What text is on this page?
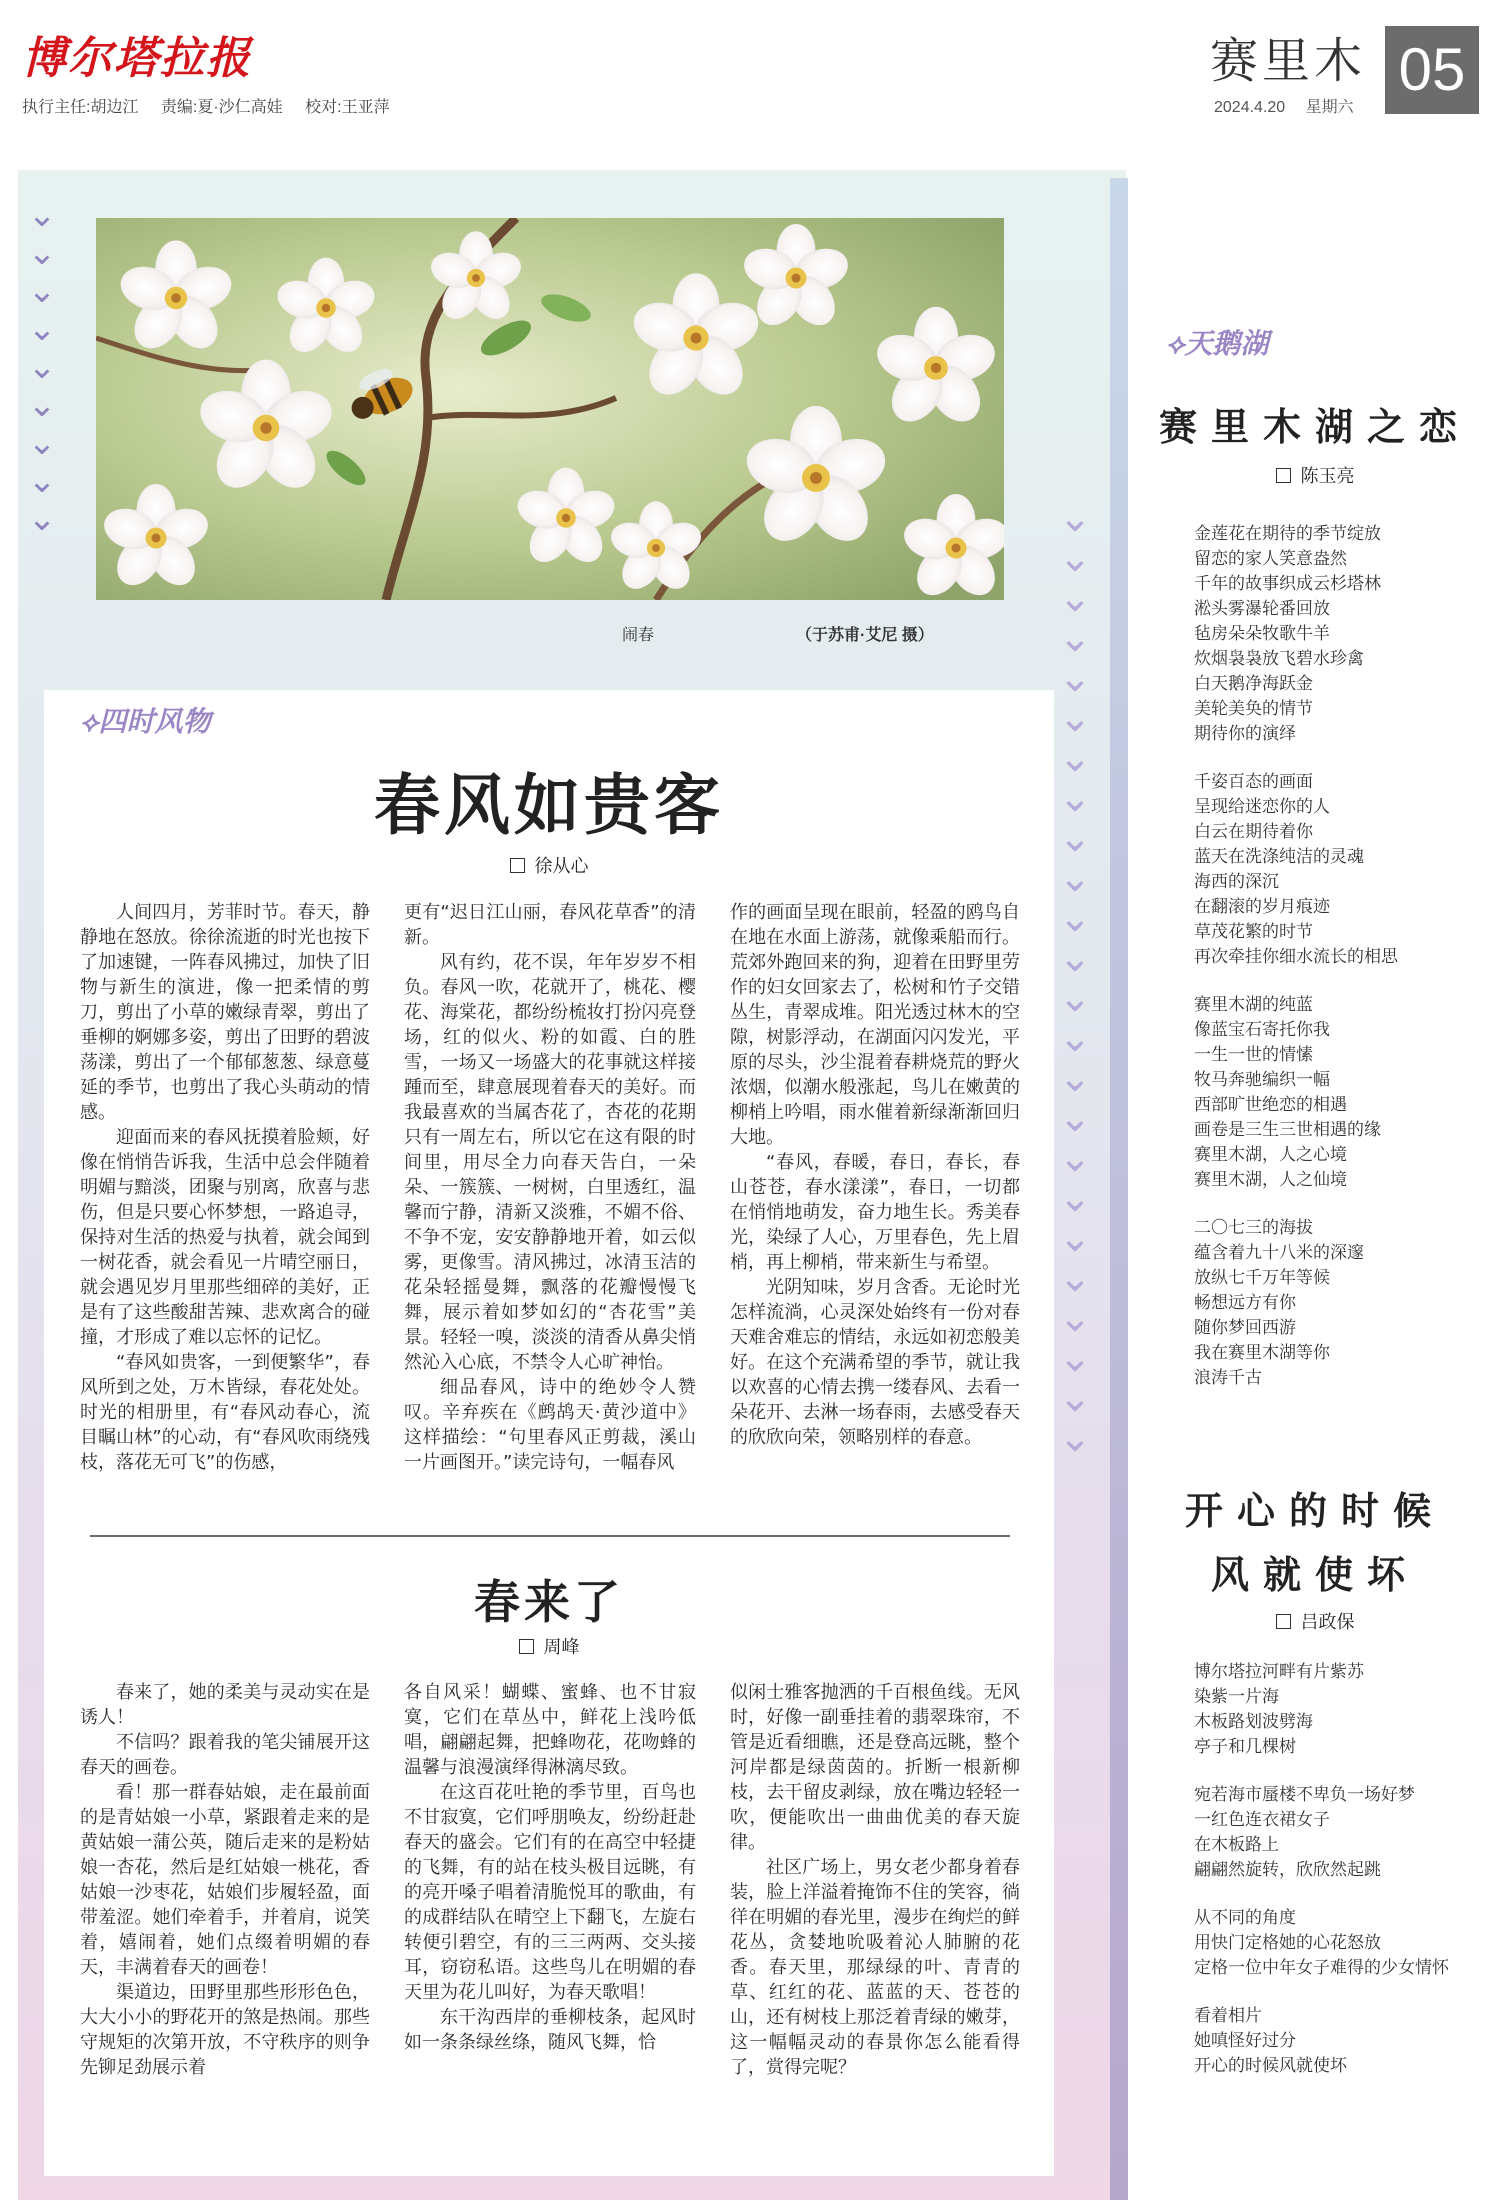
博尔塔拉报
执行主任:胡边江 责编:夏·沙仁高娃 校对:王亚萍
赛里木 05
2024.4.20 星期六
⌄
⌄
⌄
⌄
⌄
⌄
⌄
⌄
⌄	⌄
⌄
⌄
⌄
⌄
⌄
⌄
⌄
⌄
⌄
⌄
⌄
⌄
⌄
⌄
⌄
⌄
⌄
⌄
⌄
⌄
⌄
⌄
⌄
闹春	（于苏甫·艾尼 摄）
⟡四时风物
春风如贵客
徐从心

人间四月，芳菲时节。春天，静静地在怒放。徐徐流逝的时光也按下了加速键，一阵春风拂过，加快了旧物与新生的演进，像一把柔情的剪刀，剪出了小草的嫩绿青翠，剪出了垂柳的婀娜多姿，剪出了田野的碧波荡漾，剪出了一个郁郁葱葱、绿意蔓延的季节，也剪出了我心头萌动的情感。

迎面而来的春风抚摸着脸颊，好像在悄悄告诉我，生活中总会伴随着明媚与黯淡，团聚与别离，欣喜与悲伤，但是只要心怀梦想，一路追寻，保持对生活的热爱与执着，就会闻到一树花香，就会看见一片晴空丽日，就会遇见岁月里那些细碎的美好，正是有了这些酸甜苦辣、悲欢离合的碰撞，才形成了难以忘怀的记忆。

“春风如贵客，一到便繁华”，春风所到之处，万木皆绿，春花处处。时光的相册里，有“春风动春心，流目瞩山林”的心动，有“春风吹雨绕残枝，落花无可飞”的伤感，

更有“迟日江山丽，春风花草香”的清新。

风有约，花不误，年年岁岁不相负。春风一吹，花就开了，桃花、樱花、海棠花，都纷纷梳妆打扮闪亮登场，红的似火、粉的如霞、白的胜雪，一场又一场盛大的花事就这样接踵而至，肆意展现着春天的美好。而我最喜欢的当属杏花了，杏花的花期只有一周左右，所以它在这有限的时间里，用尽全力向春天告白，一朵朵、一簇簇、一树树，白里透红，温馨而宁静，清新又淡雅，不媚不俗、不争不宠，安安静静地开着，如云似雾，更像雪。清风拂过，冰清玉洁的花朵轻摇曼舞，飘落的花瓣慢慢飞舞，展示着如梦如幻的“杏花雪”美景。轻轻一嗅，淡淡的清香从鼻尖悄然沁入心底，不禁令人心旷神怡。

细品春风，诗中的绝妙令人赞叹。辛弃疾在《鹧鸪天·黄沙道中》这样描绘：“句里春风正剪裁，溪山一片画图开。”读完诗句，一幅春风

作的画面呈现在眼前，轻盈的鸥鸟自在地在水面上游荡，就像乘船而行。荒郊外跑回来的狗，迎着在田野里劳作的妇女回家去了，松树和竹子交错丛生，青翠成堆。阳光透过林木的空隙，树影浮动，在湖面闪闪发光，平原的尽头，沙尘混着春耕烧荒的野火浓烟，似潮水般涨起，鸟儿在嫩黄的柳梢上吟唱，雨水催着新绿渐渐回归大地。

“春风，春暖，春日，春长，春山苍苍，春水漾漾”，春日，一切都在悄悄地萌发，奋力地生长。秀美春光，染绿了人心，万里春色，先上眉梢，再上柳梢，带来新生与希望。

光阴知味，岁月含香。无论时光怎样流淌，心灵深处始终有一份对春天难舍难忘的情结，永远如初恋般美好。在这个充满希望的季节，就让我以欢喜的心情去携一缕春风、去看一朵花开、去淋一场春雨，去感受春天的欣欣向荣，领略别样的春意。

春来了
周峰

春来了，她的柔美与灵动实在是诱人！

不信吗？跟着我的笔尖铺展开这春天的画卷。

看！那一群春姑娘，走在最前面的是青姑娘一小草，紧跟着走来的是黄姑娘一蒲公英，随后走来的是粉姑娘一杏花，然后是红姑娘一桃花，香姑娘一沙枣花，姑娘们步履轻盈，面带羞涩。她们牵着手，并着肩，说笑着，嬉闹着，她们点缀着明媚的春天，丰满着春天的画卷！

渠道边，田野里那些形形色色，大大小小的野花开的煞是热闹。那些守规矩的次第开放，不守秩序的则争先铆足劲展示着

各自风采！蝴蝶、蜜蜂、也不甘寂寞，它们在草丛中，鲜花上浅吟低唱，翩翩起舞，把蜂吻花，花吻蜂的温馨与浪漫演绎得淋漓尽致。

在这百花吐艳的季节里，百鸟也不甘寂寞，它们呼朋唤友，纷纷赶赴春天的盛会。它们有的在高空中轻捷的飞舞，有的站在枝头极目远眺，有的亮开嗓子唱着清脆悦耳的歌曲，有的成群结队在晴空上下翻飞，左旋右转便引碧空，有的三三两两、交头接耳，窃窃私语。这些鸟儿在明媚的春天里为花儿叫好，为春天歌唱！

东干沟西岸的垂柳枝条，起风时如一条条绿丝绦，随风飞舞，恰

似闲士雅客抛洒的千百根鱼线。无风时，好像一副垂挂着的翡翠珠帘，不管是近看细瞧，还是登高远眺，整个河岸都是绿茵茵的。折断一根新柳枝，去干留皮剥绿，放在嘴边轻轻一吹，便能吹出一曲曲优美的春天旋律。

社区广场上，男女老少都身着春装，脸上洋溢着掩饰不住的笑容，徜徉在明媚的春光里，漫步在绚烂的鲜花丛，贪婪地吮吸着沁人肺腑的花香。春天里，那绿绿的叶、青青的草、红红的花、蓝蓝的天、苍苍的山，还有树枝上那泛着青绿的嫩芽，这一幅幅灵动的春景你怎么能看得了，赏得完呢？

⟡天鹅湖
赛里木湖之恋
陈玉亮
金莲花在期待的季节绽放
留恋的家人笑意盎然
千年的故事织成云杉塔林
淞头雾瀑轮番回放
毡房朵朵牧歌牛羊
炊烟袅袅放飞碧水珍禽
白天鹅净海跃金
美轮美奂的情节
期待你的演绎
千姿百态的画面
呈现给迷恋你的人
白云在期待着你
蓝天在洗涤纯洁的灵魂
海西的深沉
在翻滚的岁月痕迹
草茂花繁的时节
再次牵挂你细水流长的相思
赛里木湖的纯蓝
像蓝宝石寄托你我
一生一世的情愫
牧马奔驰编织一幅
西部旷世绝恋的相遇
画卷是三生三世相遇的缘
赛里木湖，人之心境
赛里木湖，人之仙境
二〇七三的海拔
蕴含着九十八米的深邃
放纵七千万年等候
畅想远方有你
随你梦回西游
我在赛里木湖等你
浪涛千古
开心的时候
风就使坏
吕政保
博尔塔拉河畔有片紫苏
染紫一片海
木板路划波劈海
亭子和几棵树
宛若海市蜃楼不卑负一场好梦
一红色连衣裙女子
在木板路上
翩翩然旋转，欣欣然起跳
从不同的角度
用快门定格她的心花怒放
定格一位中年女子难得的少女情怀
看着相片
她嗔怪好过分
开心的时候风就使坏
